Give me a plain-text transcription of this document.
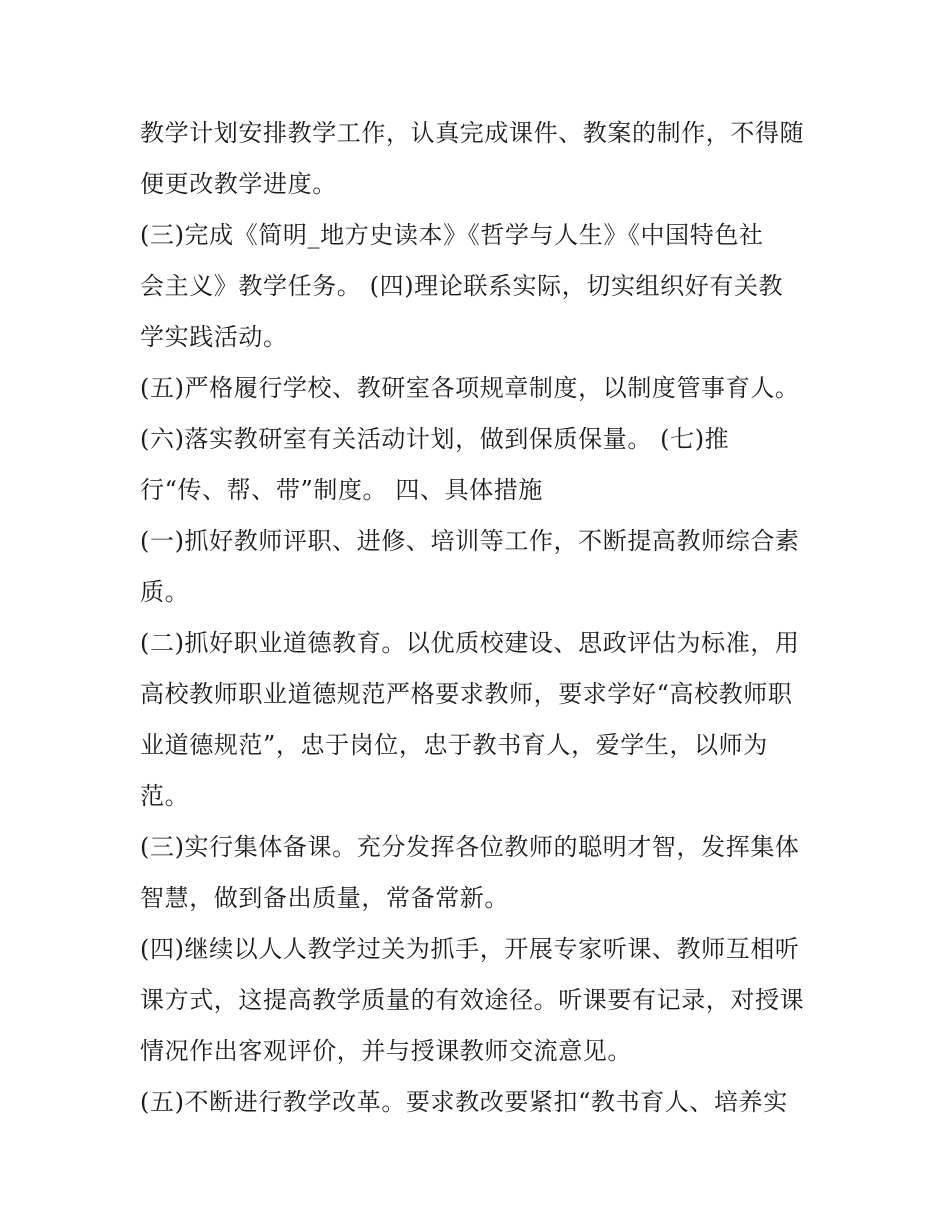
教学计划安排教学工作，认真完成课件、教案的制作，不得随
便更改教学进度。
(三)完成《简明_地方史读本》《哲学与人生》《中国特色社
会主义》教学任务。 (四)理论联系实际，切实组织好有关教
学实践活动。
(五)严格履行学校、教研室各项规章制度，以制度管事育人。
(六)落实教研室有关活动计划，做到保质保量。 (七)推
行“传、帮、带”制度。 四、具体措施
(一)抓好教师评职、进修、培训等工作，不断提高教师综合素
质。
(二)抓好职业道德教育。以优质校建设、思政评估为标准，用
高校教师职业道德规范严格要求教师，要求学好“高校教师职
业道德规范”，忠于岗位，忠于教书育人，爱学生，以师为
范。
(三)实行集体备课。充分发挥各位教师的聪明才智，发挥集体
智慧，做到备出质量，常备常新。
(四)继续以人人教学过关为抓手，开展专家听课、教师互相听
课方式，这提高教学质量的有效途径。听课要有记录，对授课
情况作出客观评价，并与授课教师交流意见。
(五)不断进行教学改革。要求教改要紧扣“教书育人、培养实
